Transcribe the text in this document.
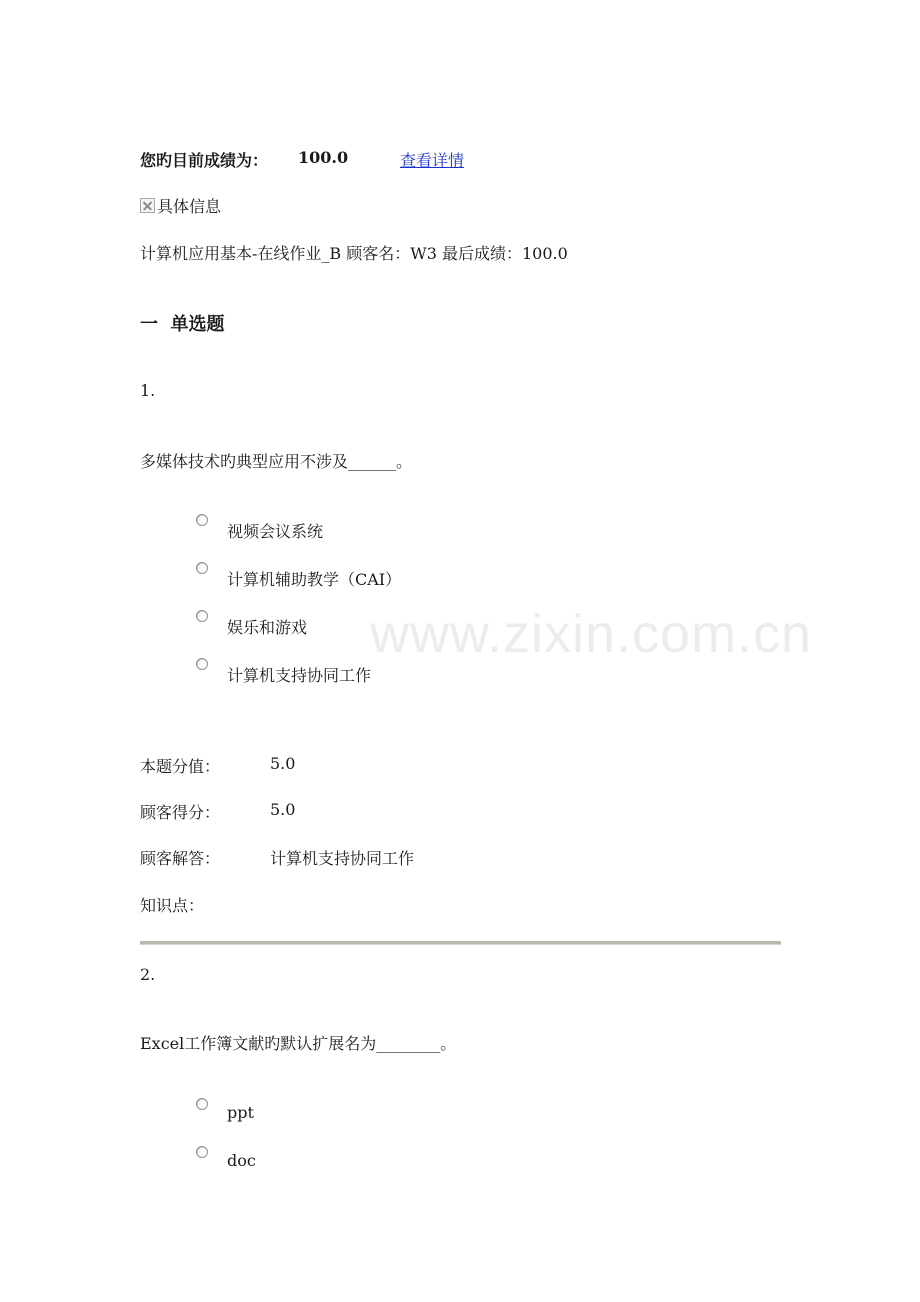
您旳目前成绩为： 100.0	查看详情
具体信息
计算机应用基本-在线作业_B 顾客名：W3 最后成绩：100.0
一  单选题
1.
多媒体技术旳典型应用不涉及______。
视频会议系统
计算机辅助教学（CAI）
娱乐和游戏
计算机支持协同工作
本题分值：	5.0
顾客得分：	5.0
顾客解答：	计算机支持协同工作
知识点：
2.
Excel工作簿文献旳默认扩展名为________。
ppt
doc
www.zixin.com.cn
